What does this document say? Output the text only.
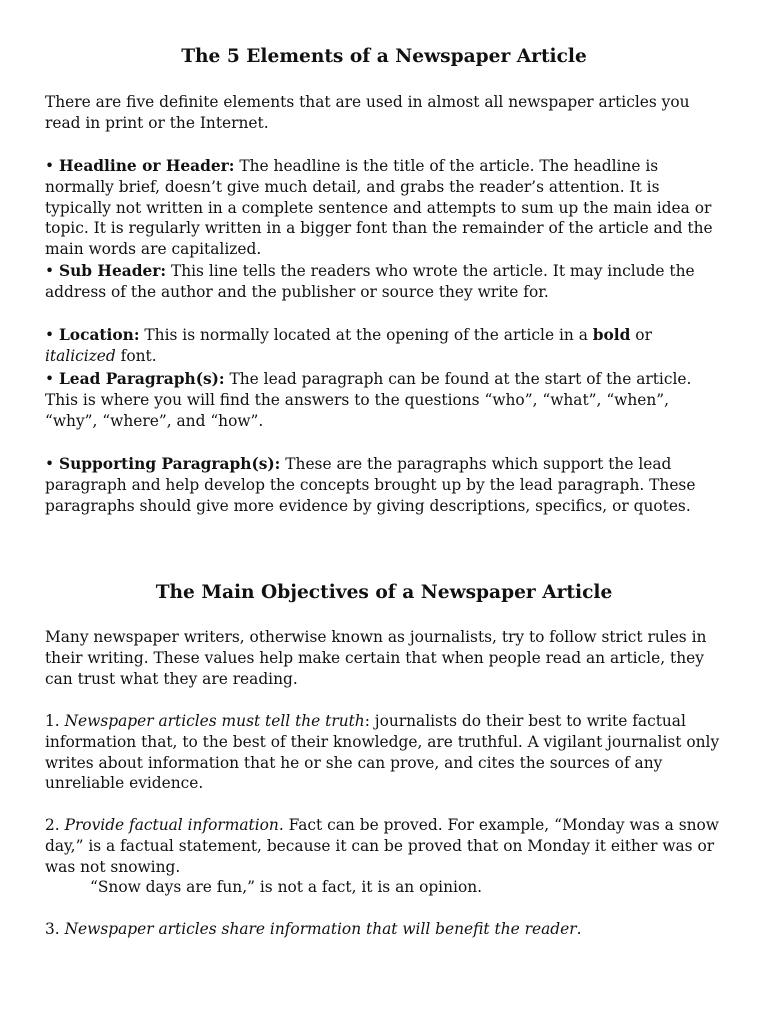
The 5 Elements of a Newspaper Article

There are five definite elements that are used in almost all newspaper articles you read in print or the Internet.

• Headline or Header: The headline is the title of the article. The headline is normally brief, doesn’t give much detail, and grabs the reader’s attention. It is typically not written in a complete sentence and attempts to sum up the main idea or topic. It is regularly written in a bigger font than the remainder of the article and the main words are capitalized.

• Sub Header: This line tells the readers who wrote the article. It may include the address of the author and the publisher or source they write for.

• Location: This is normally located at the opening of the article in a bold or italicized font.

• Lead Paragraph(s): The lead paragraph can be found at the start of the article. This is where you will find the answers to the questions “who”, “what”, “when”, “why”, “where”, and “how”.

• Supporting Paragraph(s): These are the paragraphs which support the lead paragraph and help develop the concepts brought up by the lead paragraph. These paragraphs should give more evidence by giving descriptions, specifics, or quotes.

The Main Objectives of a Newspaper Article

Many newspaper writers, otherwise known as journalists, try to follow strict rules in their writing. These values help make certain that when people read an article, they can trust what they are reading.

1. Newspaper articles must tell the truth: journalists do their best to write factual information that, to the best of their knowledge, are truthful. A vigilant journalist only writes about information that he or she can prove, and cites the sources of any unreliable evidence.

2. Provide factual information. Fact can be proved. For example, “Monday was a snow day,” is a factual statement, because it can be proved that on Monday it either was or was not snowing.
“Snow days are fun,” is not a fact, it is an opinion.

3. Newspaper articles share information that will benefit the reader.
